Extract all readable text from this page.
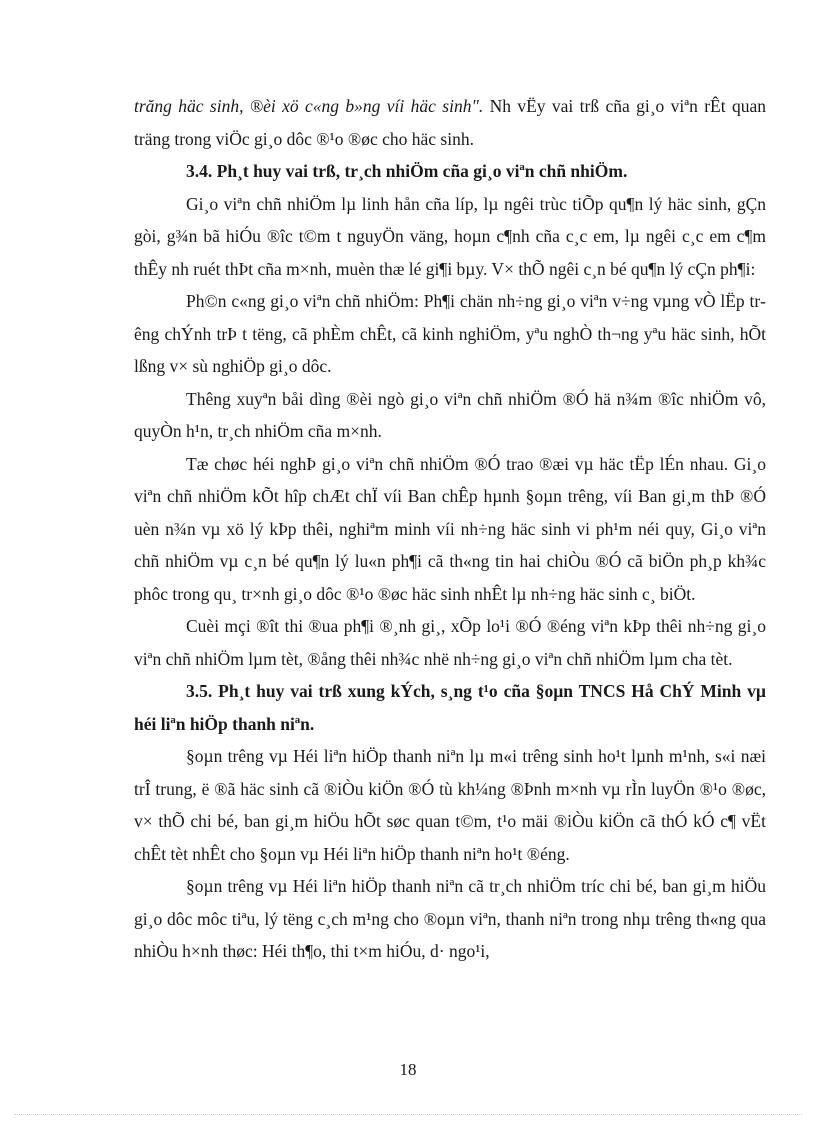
trăng häc sinh, ®èi xö c«ng b»ng víi häc sinh". Nh vËy vai trß cña gi¸o viªn rÊt quan träng trong viÖc gi¸o dôc ®¹o ®øc cho häc sinh.

3.4. Ph¸t huy vai trß, tr¸ch nhiÖm cña gi¸o viªn chñ nhiÖm.

Gi¸o viªn chñ nhiÖm lµ linh hån cña líp, lµ ngêi trùc tiÕp qu¶n lý häc sinh, gÇn gòi, g¾n bã hiÓu ®îc t©m t nguyÖn väng, hoµn c¶nh cña c¸c em, lµ ngêi c¸c em c¶m thÊy nh ruét thÞt cña m×nh, muèn thæ lé gi¶i bµy. V× thÕ ngêi c¸n bé qu¶n lý cÇn ph¶i:

Ph©n c«ng gi¸o viªn chñ nhiÖm: Ph¶i chän nh÷ng gi¸o viªn v÷ng vµng vÒ lËp trêng chÝnh trÞ t tëng, cã phÈm chÊt, cã kinh nghiÖm, yªu nghÒ th¬ng yªu häc sinh, hÕt lßng v× sù nghiÖp gi¸o dôc.

Thêng xuyªn båi dìng ®èi ngò gi¸o viªn chñ nhiÖm ®Ó hä n¾m ®îc nhiÖm vô, quyÒn h¹n, tr¸ch nhiÖm cña m×nh.

Tæ chøc héi nghÞ gi¸o viªn chñ nhiÖm ®Ó trao ®æi vµ häc tËp lÉn nhau. Gi¸o viªn chñ nhiÖm kÕt hîp chÆt chÏ víi Ban chÊp hµnh §oµn trêng, víi Ban gi¸m thÞ ®Ó uèn n¾n vµ xö lý kÞp thêi, nghiªm minh víi nh÷ng häc sinh vi ph¹m néi quy, Gi¸o viªn chñ nhiÖm vµ c¸n bé qu¶n lý lu«n ph¶i cã th«ng tin hai chiÒu ®Ó cã biÖn ph¸p kh¾c phôc trong qu¸ tr×nh gi¸o dôc ®¹o ®øc häc sinh nhÊt lµ nh÷ng häc sinh c¸ biÖt.

Cuèi mçi ®ît thi ®ua ph¶i ®¸nh gi¸, xÕp lo¹i ®Ó ®éng viªn kÞp thêi nh÷ng gi¸o viªn chñ nhiÖm lµm tèt, ®ång thêi nh¾c nhë nh÷ng gi¸o viªn chñ nhiÖm lµm cha tèt.

3.5. Ph¸t huy vai trß xung kÝch, s¸ng t¹o cña §oµn TNCS Hå ChÝ Minh vµ héi liªn hiÖp thanh niªn.

§oµn trêng vµ Héi liªn hiÖp thanh niªn lµ m«i trêng sinh ho¹t lµnh m¹nh, s«i næi trÎ trung, ë ®ã häc sinh cã ®iÒu kiÖn ®Ó tù kh¼ng ®Þnh m×nh vµ rÌn luyÖn ®¹o ®øc, v× thÕ chi bé, ban gi¸m hiÖu hÕt søc quan t©m, t¹o mäi ®iÒu kiÖn cã thÓ kÓ c¶ vËt chÊt tèt nhÊt cho §oµn vµ Héi liªn hiÖp thanh niªn ho¹t ®éng.

§oµn trêng vµ Héi liªn hiÖp thanh niªn cã tr¸ch nhiÖm tríc chi bé, ban gi¸m hiÖu gi¸o dôc môc tiªu, lý tëng c¸ch m¹ng cho ®oµn viªn, thanh niªn trong nhµ trêng th«ng qua nhiÒu h×nh thøc: Héi th¶o, thi t×m hiÓu, d· ngo¹i,

18
